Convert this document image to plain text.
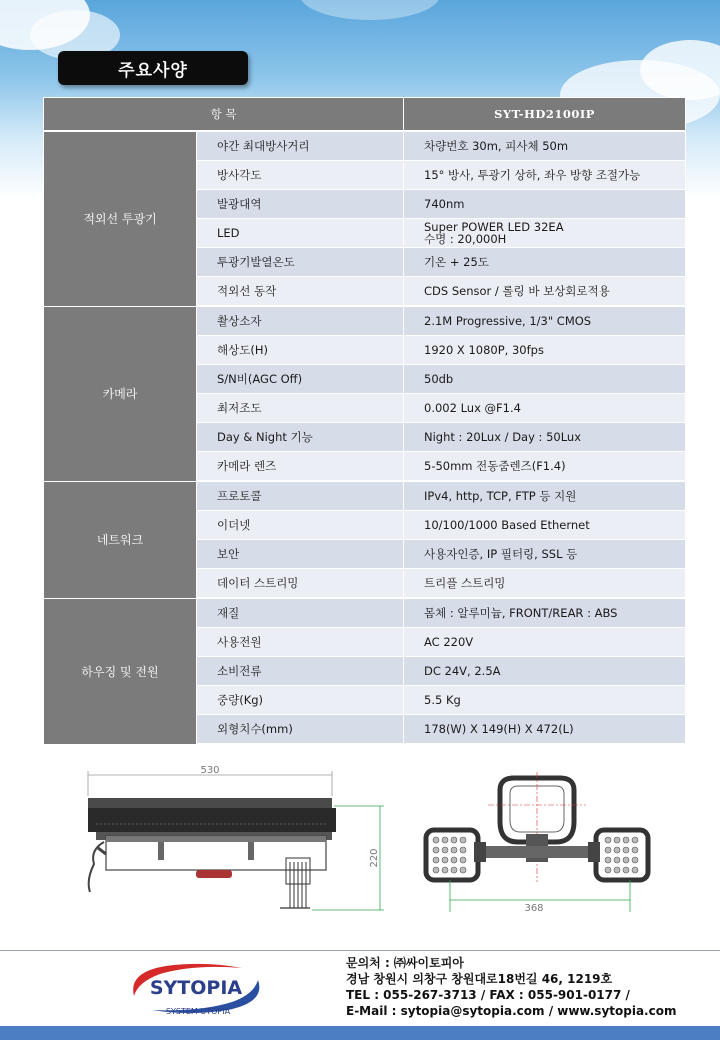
주요사양
항 목		SYT-HD2100IP
적외선 투광기	야간 최대방사거리	차량번호 30m, 피사체 50m
	방사각도	15° 방사, 투광기 상하, 좌우 방향 조절가능
	발광대역	740nm
	LED	Super POWER LED 32EA
수명 : 20,000H

	투광기발열온도	기온 + 25도
	적외선 동작	CDS Sensor / 롤링 바 보상회로적용
카메라	촬상소자	2.1M Progressive, 1/3" CMOS
	해상도(H)	1920 X 1080P, 30fps
	S/N비(AGC Off)	50db
	최저조도	0.002 Lux @F1.4
	Day & Night 기능	Night : 20Lux / Day : 50Lux
	카메라 렌즈	5-50mm 전동줌렌즈(F1.4)
네트워크	프로토콜	IPv4, http, TCP, FTP 등 지원
	이더넷	10/100/1000 Based Ethernet
	보안	사용자인증, IP 필터링, SSL 등
	데이터 스트리밍	트리플 스트리밍
하우징 및 전원	재질	몸체 : 알루미늄, FRONT/REAR : ABS
	사용전원	AC 220V
	소비전류	DC 24V, 2.5A
	중량(Kg)	5.5 Kg
	외형치수(mm)	178(W) X 149(H) X 472(L)
530
220
368
SYTOPIA
SYSTEM UTOPIA
문의처 : ㈜싸이토피아
경남 창원시 의창구 창원대로18번길 46, 1219호
TEL : 055-267-3713 / FAX : 055-901-0177 /
E-Mail : sytopia@sytopia.com / www.sytopia.com
